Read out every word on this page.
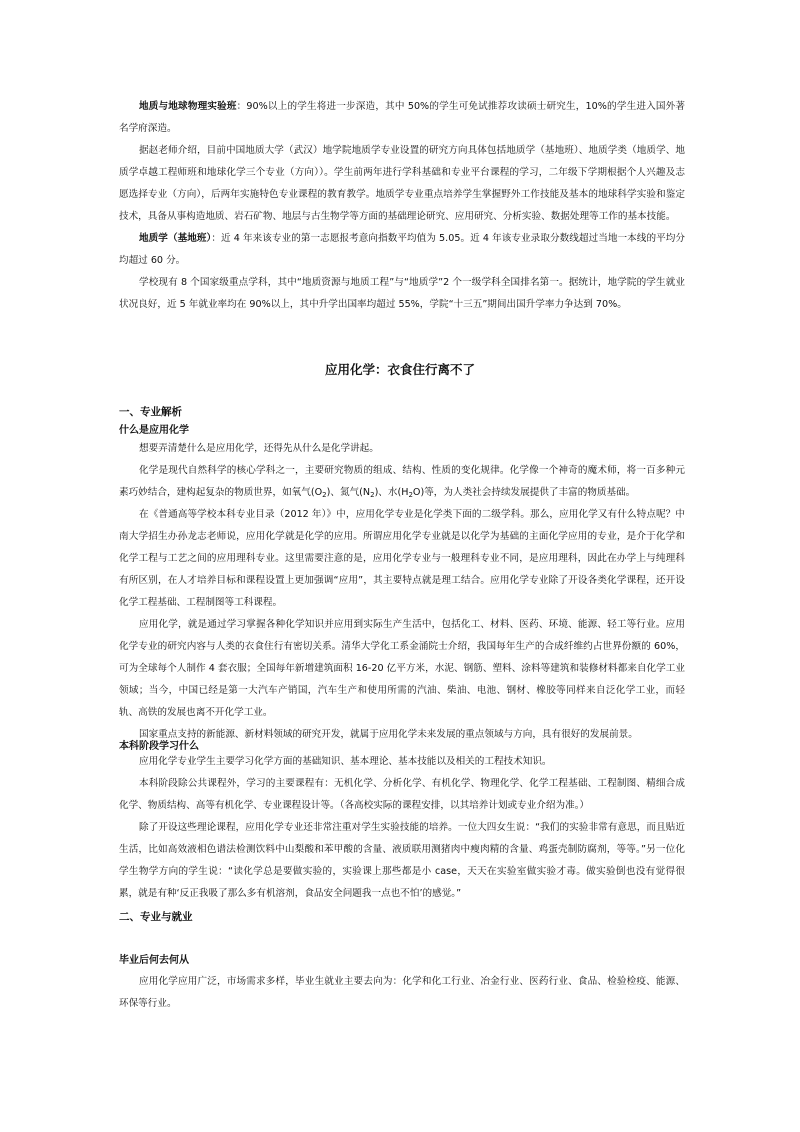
地质与地球物理实验班：90%以上的学生将进一步深造，其中 50%的学生可免试推荐攻读硕士研究生，10%的学生进入国外著名学府深造。

据赵老师介绍，目前中国地质大学（武汉）地学院地质学专业设置的研究方向具体包括地质学（基地班）、地质学类（地质学、地质学卓越工程师班和地球化学三个专业（方向））。学生前两年进行学科基础和专业平台课程的学习，二年级下学期根据个人兴趣及志愿选择专业（方向），后两年实施特色专业课程的教育教学。地质学专业重点培养学生掌握野外工作技能及基本的地球科学实验和鉴定技术，具备从事构造地质、岩石矿物、地层与古生物学等方面的基础理论研究、应用研究、分析实验、数据处理等工作的基本技能。

地质学（基地班）：近 4 年来该专业的第一志愿报考意向指数平均值为 5.05。近 4 年该专业录取分数线超过当地一本线的平均分均超过 60 分。

学校现有 8 个国家级重点学科，其中“地质资源与地质工程”与“地质学”2 个一级学科全国排名第一。据统计，地学院的学生就业状况良好，近 5 年就业率均在 90%以上，其中升学出国率均超过 55%，学院“十三五”期间出国升学率力争达到 70%。

应用化学：衣食住行离不了
一、专业解析
什么是应用化学

想要弄清楚什么是应用化学，还得先从什么是化学讲起。

化学是现代自然科学的核心学科之一，主要研究物质的组成、结构、性质的变化规律。化学像一个神奇的魔术师，将一百多种元素巧妙结合，建构起复杂的物质世界，如氧气$(O_2)$、氮气$(N_2)$、水$(H_2O)$等，为人类社会持续发展提供了丰富的物质基础。

在《普通高等学校本科专业目录（2012 年）》中，应用化学专业是化学类下面的二级学科。那么，应用化学又有什么特点呢？中南大学招生办孙龙志老师说，应用化学就是化学的应用。所谓应用化学专业就是以化学为基础的主面化学应用的专业，是介于化学和化学工程与工艺之间的应用理科专业。这里需要注意的是，应用化学专业与一般理科专业不同，是应用理科，因此在办学上与纯理科有所区别，在人才培养目标和课程设置上更加强调“应用”，其主要特点就是理工结合。应用化学专业除了开设各类化学课程，还开设化学工程基础、工程制图等工科课程。

应用化学，就是通过学习掌握各种化学知识并应用到实际生产生活中，包括化工、材料、医药、环境、能源、轻工等行业。应用化学专业的研究内容与人类的衣食住行有密切关系。清华大学化工系金涌院士介绍，我国每年生产的合成纤维约占世界份额的 60%，可为全球每个人制作 4 套衣服；全国每年新增建筑面积 16-20 亿平方米，水泥、钢筋、塑料、涂料等建筑和装修材料都来自化学工业领域；当今，中国已经是第一大汽车产销国，汽车生产和使用所需的汽油、柴油、电池、钢材、橡胶等同样来自泛化学工业，而轻轨、高铁的发展也离不开化学工业。

国家重点支持的新能源、新材料领域的研究开发，就属于应用化学未来发展的重点领域与方向，具有很好的发展前景。

本科阶段学习什么

应用化学专业学生主要学习化学方面的基础知识、基本理论、基本技能以及相关的工程技术知识。

本科阶段除公共课程外，学习的主要课程有：无机化学、分析化学、有机化学、物理化学、化学工程基础、工程制图、精细合成化学、物质结构、高等有机化学、专业课程设计等。（各高校实际的课程安排，以其培养计划或专业介绍为准。）

除了开设这些理论课程，应用化学专业还非常注重对学生实验技能的培养。一位大四女生说：“我们的实验非常有意思，而且贴近生活，比如高效液相色谱法检测饮料中山梨酸和苯甲酸的含量、液质联用测猪肉中瘦肉精的含量、鸡蛋壳制防腐剂，等等。”另一位化学生物学方向的学生说：“读化学总是要做实验的，实验课上那些都是小 case，天天在实验室做实验才毒。做实验倒也没有觉得很累，就是有种‘反正我吸了那么多有机溶剂，食品安全问题我一点也不怕’的感觉。”

二、专业与就业
毕业后何去何从

应用化学应用广泛，市场需求多样，毕业生就业主要去向为：化学和化工行业、冶金行业、医药行业、食品、检验检疫、能源、环保等行业。
